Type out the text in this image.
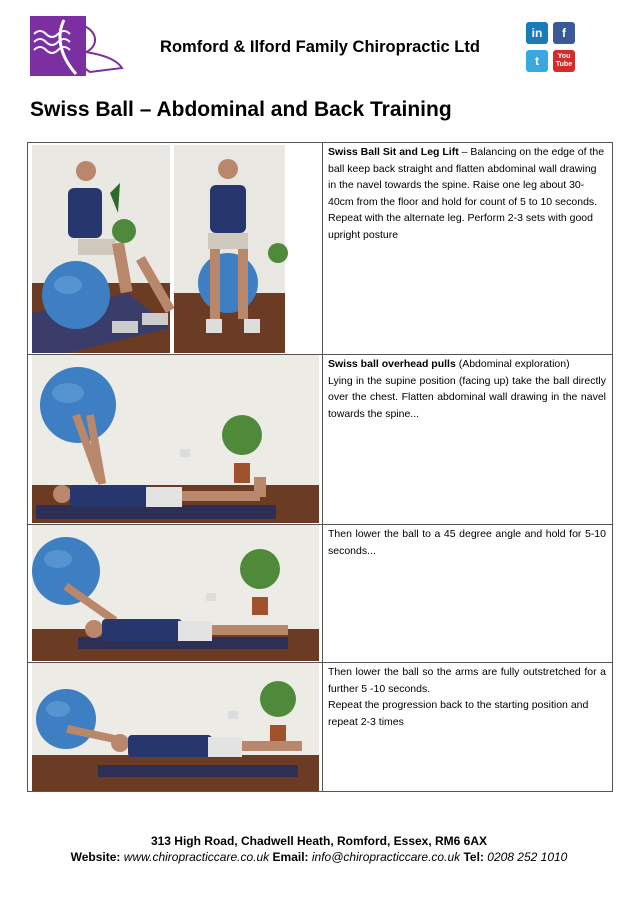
Romford & Ilford Family Chiropractic Ltd
in f
t	You Tube
Swiss Ball – Abdominal and Back Training
Swiss Ball Sit and Leg Lift – Balancing on the edge of the ball keep back straight and flatten abdominal wall drawing in the navel towards the spine. Raise one leg about 30-40cm from the floor and hold for count of 5 to 10 seconds. Repeat with the alternate leg. Perform 2-3 sets with good upright posture
Swiss ball overhead pulls (Abdominal exploration)
Lying in the supine position (facing up) take the ball directly over the chest. Flatten abdominal wall drawing in the navel towards the spine...
Then lower the ball to a 45 degree angle and hold for 5-10 seconds...
Then lower the ball so the arms are fully outstretched for a further 5 -10 seconds.
Repeat the progression back to the starting position and repeat 2-3 times
313 High Road, Chadwell Heath, Romford, Essex, RM6 6AX
Website: www.chiropracticcare.co.uk Email: info@chiropracticcare.co.uk Tel: 0208 252 1010
